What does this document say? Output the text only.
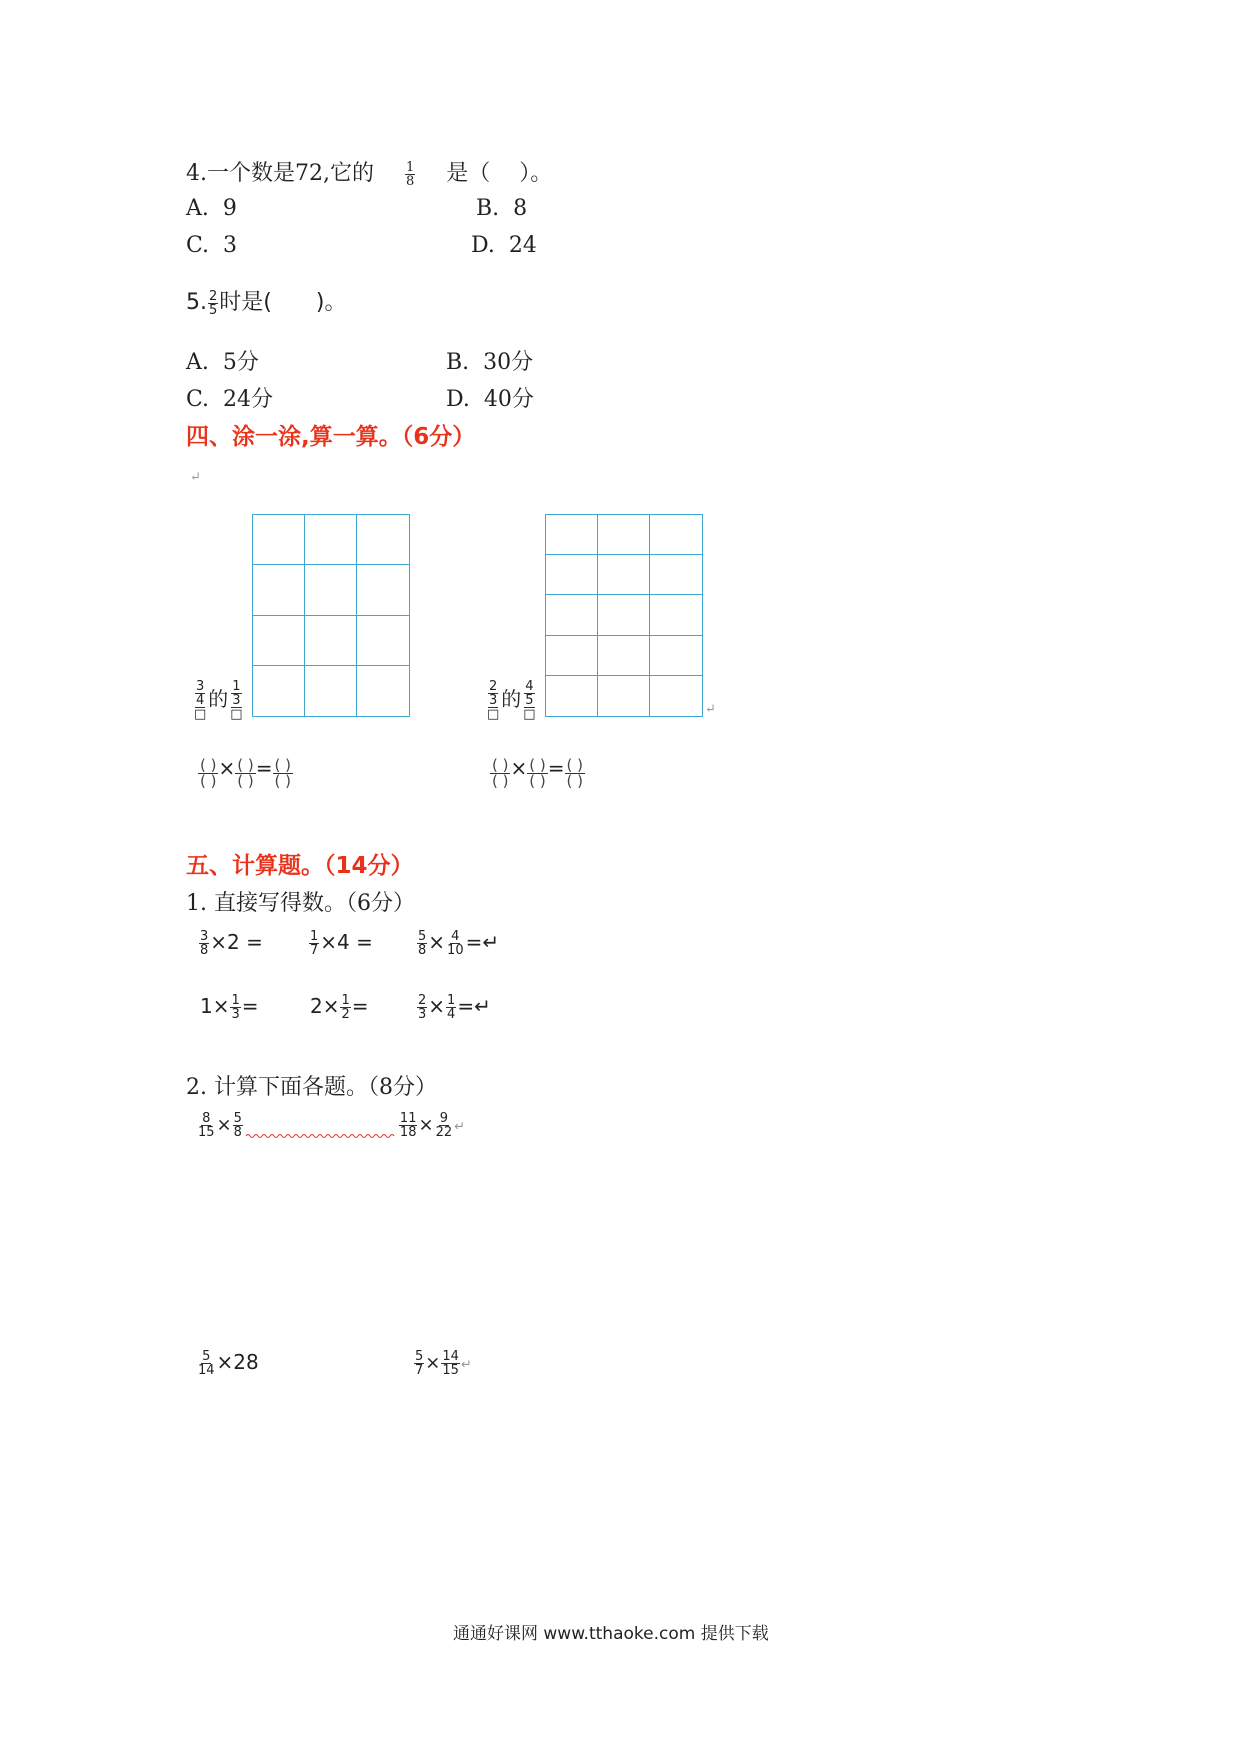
4.一个数是72,它的 $\frac{1}{8}$ 是（　 ）。
A. 9	B. 8
C. 3	D. 24
5. $\frac{2}{5}$ 时是(　　)。
A. 5分	B. 30分
C. 24分	D. 40分
四、涂一涂,算一算。（6分）
↵
↵
3
4
□
的
1
3
□
2
3
□
的
4
5
□
( )
( )
× ( )
( )
= ( )
( )
( )
( )
× ( )
( )
= ( )
( )
五、计算题。（14分）
1. 直接写得数。（6分）
$\frac{3}{8} \times 2$ =	$\frac{1}{7} \times 4$ =	$\frac{5}{8} \times \frac{4}{10}$ =↵
$1\times \frac{1}{3}$ =	$2\times \frac{1}{2}$ =	$\frac{2}{3} \times \frac{1}{4}$ =↵
2. 计算下面各题。（8分）
$\frac{8}{15} \times \frac{5}{8}$	$\frac{11}{18} \times \frac{9}{22}$ ↵
$\frac{5}{14} \times 28$	$\frac{5}{7} \times \frac{14}{15}$ ↵
通通好课网 www.tthaoke.com 提供下载
